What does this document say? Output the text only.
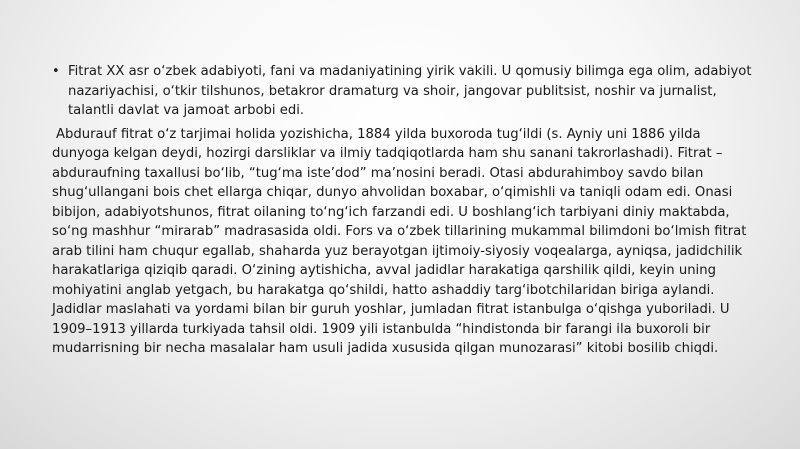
• Fitrat XX asr o‘zbek adabiyoti, fani va madaniyatining yirik vakili. U qomusiy bilimga ega olim, adabiyot nazariyachisi, o‘tkir tilshunos, betakror dramaturg va shoir, jangovar publitsist, noshir va jurnalist, talantli davlat va jamoat arbobi edi.

Abdurauf fitrat o‘z tarjimai holida yozishicha, 1884 yilda buxoroda tug‘ildi (s. Ayniy uni 1886 yilda dunyoga kelgan deydi, hozirgi darsliklar va ilmiy tadqiqotlarda ham shu sanani takrorlashadi). Fitrat – abduraufning taxallusi bo‘lib, “tug‘ma iste’dod” ma’nosini beradi. Otasi abdurahimboy savdo bilan shug‘ullangani bois chet ellarga chiqar, dunyo ahvolidan boxabar, o‘qimishli va taniqli odam edi. Onasi bibijon, adabiyotshunos, fitrat oilaning to‘ng‘ich farzandi edi. U boshlang‘ich tarbiyani diniy maktabda, so‘ng mashhur “mirarab” madrasasida oldi. Fors va o‘zbek tillarining mukammal bilimdoni bo‘lmish fitrat arab tilini ham chuqur egallab, shaharda yuz berayotgan ijtimoiy-siyosiy voqealarga, ayniqsa, jadidchilik harakatlariga qiziqib qaradi. O‘zining aytishicha, avval jadidlar harakatiga qarshilik qildi, keyin uning mohiyatini anglab yetgach, bu harakatga qo‘shildi, hatto ashaddiy targ‘ibotchilaridan biriga aylandi. Jadidlar maslahati va yordami bilan bir guruh yoshlar, jumladan fitrat istanbulga o‘qishga yuboriladi. U 1909–1913 yillarda turkiyada tahsil oldi. 1909 yili istanbulda “hindistonda bir farangi ila buxoroli bir mudarrisning bir necha masalalar ham usuli jadida xususida qilgan munozarasi” kitobi bosilib chiqdi.
